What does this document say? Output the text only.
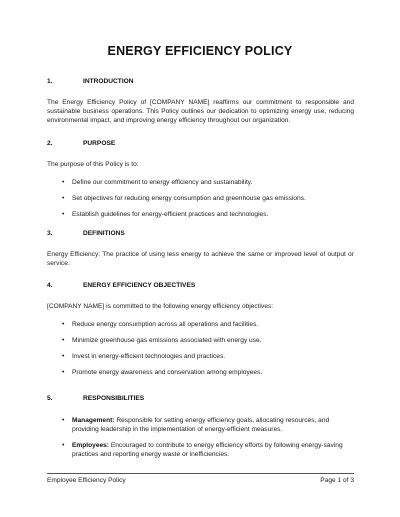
ENERGY EFFICIENCY POLICY
1.	INTRODUCTION
The Energy Efficiency Policy of [COMPANY NAME] reaffirms our commitment to responsible and sustainable business operations. This Policy outlines our dedication to optimizing energy use, reducing environmental impact, and improving energy efficiency throughout our organization.
2.	PURPOSE
The purpose of this Policy is to:
• Define our commitment to energy efficiency and sustainability.
• Set objectives for reducing energy consumption and greenhouse gas emissions.
• Establish guidelines for energy-efficient practices and technologies.
3.	DEFINITIONS
Energy Efficiency: The practice of using less energy to achieve the same or improved level of output or service.
4.	ENERGY EFFICIENCY OBJECTIVES
[COMPANY NAME] is committed to the following energy efficiency objectives:
• Reduce energy consumption across all operations and facilities.
• Minimize greenhouse gas emissions associated with energy use.
• Invest in energy-efficient technologies and practices.
• Promote energy awareness and conservation among employees.
5.	RESPONSIBILITIES
• Management: Responsible for setting energy efficiency goals, allocating resources, and providing leadership in the implementation of energy-efficient measures.
• Employees: Encouraged to contribute to energy efficiency efforts by following energy-saving practices and reporting energy waste or inefficiencies.
Employee Efficiency Policy	Page 1 of 3
